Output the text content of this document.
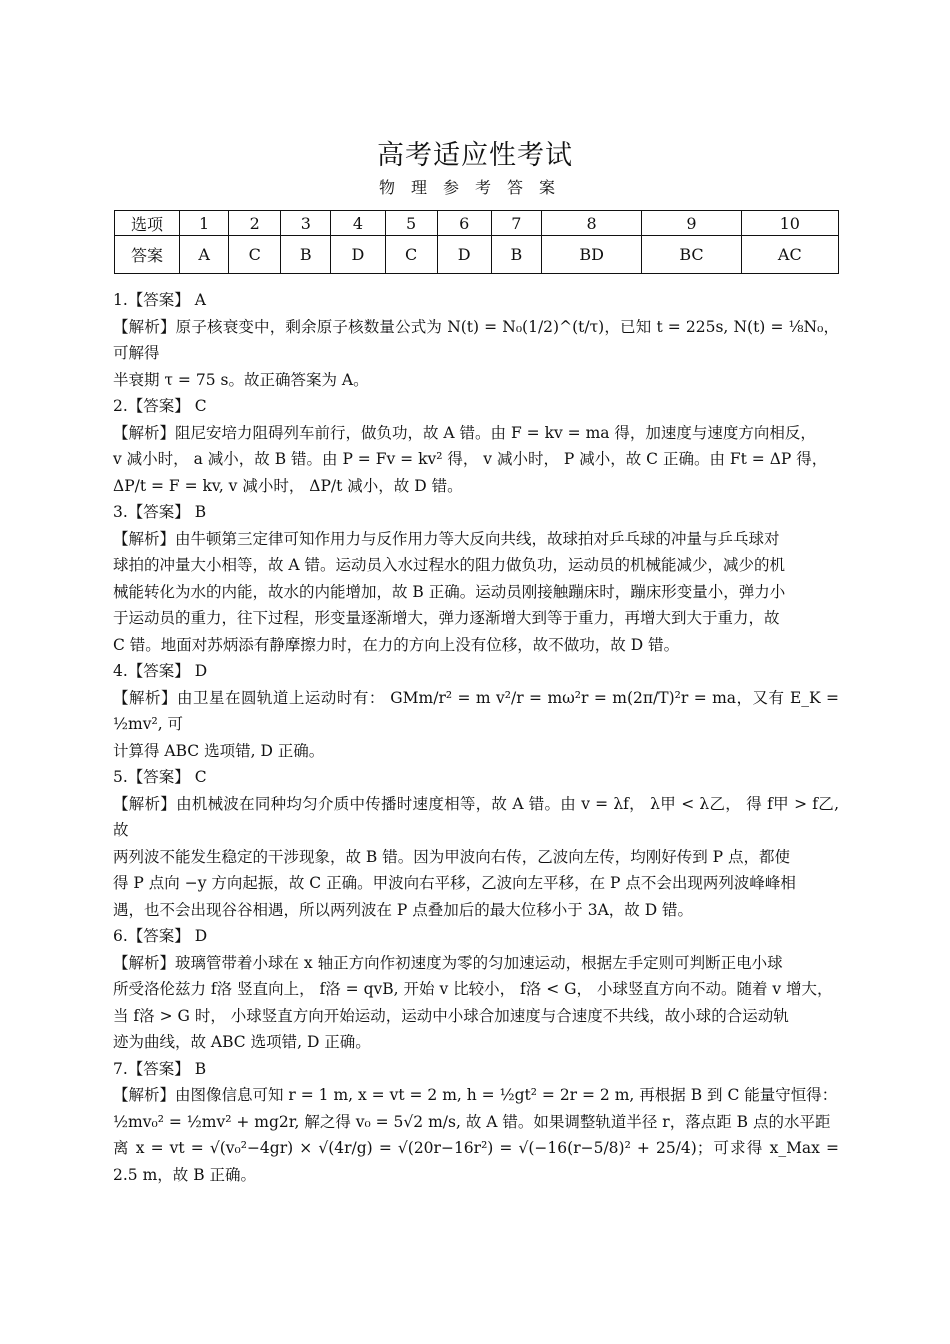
高考适应性考试
物理参考答案
选项	1	2	3	4	5	6	7	8	9	10
答案	A	C	B	D	C	D	B	BD	BC	AC

1.【答案】 A

【解析】原子核衰变中，剩余原子核数量公式为 N(t) = N₀(1/2)^(t/τ)，已知 t = 225s, N(t) = ⅛N₀，可解得

半衰期 τ = 75 s。故正确答案为 A。

2.【答案】 C

【解析】阻尼安培力阻碍列车前行，做负功，故 A 错。由 F = kv = ma 得，加速度与速度方向相反，

v 减小时， a 减小，故 B 错。由 P = Fv = kv² 得， v 减小时， P 减小，故 C 正确。由 Ft = ΔP 得，

ΔP/t = F = kv, v 减小时， ΔP/t 减小，故 D 错。

3.【答案】 B

【解析】由牛顿第三定律可知作用力与反作用力等大反向共线，故球拍对乒乓球的冲量与乒乓球对

球拍的冲量大小相等，故 A 错。运动员入水过程水的阻力做负功，运动员的机械能减少，减少的机

械能转化为水的内能，故水的内能增加，故 B 正确。运动员刚接触蹦床时，蹦床形变量小，弹力小

于运动员的重力，往下过程，形变量逐渐增大，弹力逐渐增大到等于重力，再增大到大于重力，故

C 错。地面对苏炳添有静摩擦力时，在力的方向上没有位移，故不做功，故 D 错。

4.【答案】 D

【解析】由卫星在圆轨道上运动时有： GMm/r² = m v²/r = mω²r = m(2π/T)²r = ma，又有 E_K = ½mv², 可

计算得 ABC 选项错, D 正确。

5.【答案】 C

【解析】由机械波在同种均匀介质中传播时速度相等，故 A 错。由 v = λf， λ甲 < λ乙， 得 f甲 > f乙, 故

两列波不能发生稳定的干涉现象，故 B 错。因为甲波向右传，乙波向左传，均刚好传到 P 点，都使

得 P 点向 −y 方向起振，故 C 正确。甲波向右平移，乙波向左平移，在 P 点不会出现两列波峰峰相

遇，也不会出现谷谷相遇，所以两列波在 P 点叠加后的最大位移小于 3A，故 D 错。

6.【答案】 D

【解析】玻璃管带着小球在 x 轴正方向作初速度为零的匀加速运动，根据左手定则可判断正电小球

所受洛伦兹力 f洛 竖直向上， f洛 = qvB, 开始 v 比较小， f洛 < G， 小球竖直方向不动。随着 v 增大，

当 f洛 > G 时， 小球竖直方向开始运动，运动中小球合加速度与合速度不共线，故小球的合运动轨

迹为曲线，故 ABC 选项错, D 正确。

7.【答案】 B

【解析】由图像信息可知 r = 1 m, x = vt = 2 m, h = ½gt² = 2r = 2 m, 再根据 B 到 C 能量守恒得：

½mv₀² = ½mv² + mg2r, 解之得 v₀ = 5√2 m/s, 故 A 错。如果调整轨道半径 r，落点距 B 点的水平距

离 x = vt = √(v₀²−4gr) × √(4r/g) = √(20r−16r²) = √(−16(r−5/8)² + 25/4)；可求得 x_Max = 2.5 m，故 B 正确。
